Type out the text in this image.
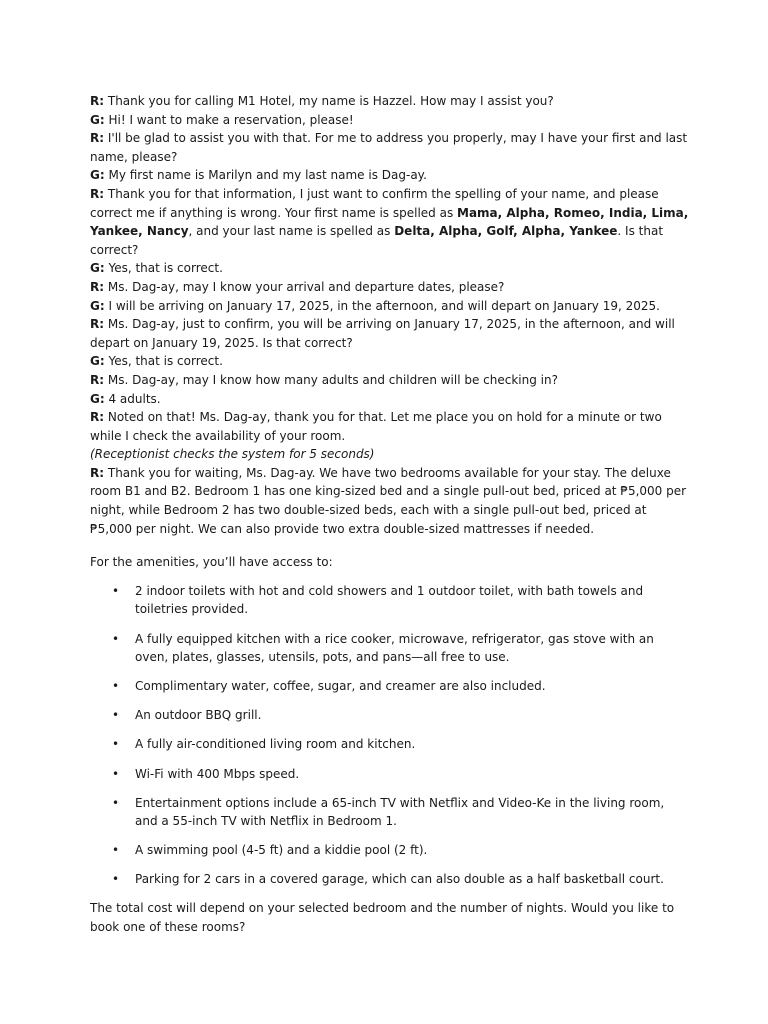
R: Thank you for calling M1 Hotel, my name is Hazzel. How may I assist you?

G: Hi! I want to make a reservation, please!

R: I'll be glad to assist you with that. For me to address you properly, may I have your first and last name, please?

G: My first name is Marilyn and my last name is Dag-ay.

R: Thank you for that information, I just want to confirm the spelling of your name, and please correct me if anything is wrong. Your first name is spelled as Mama, Alpha, Romeo, India, Lima, Yankee, Nancy, and your last name is spelled as Delta, Alpha, Golf, Alpha, Yankee. Is that correct?

G: Yes, that is correct.

R: Ms. Dag-ay, may I know your arrival and departure dates, please?

G: I will be arriving on January 17, 2025, in the afternoon, and will depart on January 19, 2025.

R: Ms. Dag-ay, just to confirm, you will be arriving on January 17, 2025, in the afternoon, and will depart on January 19, 2025. Is that correct?

G: Yes, that is correct.

R: Ms. Dag-ay, may I know how many adults and children will be checking in?

G: 4 adults.

R: Noted on that! Ms. Dag-ay, thank you for that. Let me place you on hold for a minute or two while I check the availability of your room.

(Receptionist checks the system for 5 seconds)

R: Thank you for waiting, Ms. Dag-ay. We have two bedrooms available for your stay. The deluxe room B1 and B2. Bedroom 1 has one king-sized bed and a single pull-out bed, priced at ₱5,000 per night, while Bedroom 2 has two double-sized beds, each with a single pull-out bed, priced at ₱5,000 per night. We can also provide two extra double-sized mattresses if needed.

For the amenities, you’ll have access to:

• 2 indoor toilets with hot and cold showers and 1 outdoor toilet, with bath towels and toiletries provided.
• A fully equipped kitchen with a rice cooker, microwave, refrigerator, gas stove with an oven, plates, glasses, utensils, pots, and pans—all free to use.
• Complimentary water, coffee, sugar, and creamer are also included.
• An outdoor BBQ grill.
• A fully air-conditioned living room and kitchen.
• Wi-Fi with 400 Mbps speed.
• Entertainment options include a 65-inch TV with Netflix and Video-Ke in the living room, and a 55-inch TV with Netflix in Bedroom 1.
• A swimming pool (4-5 ft) and a kiddie pool (2 ft).
• Parking for 2 cars in a covered garage, which can also double as a half basketball court.

The total cost will depend on your selected bedroom and the number of nights. Would you like to book one of these rooms?
